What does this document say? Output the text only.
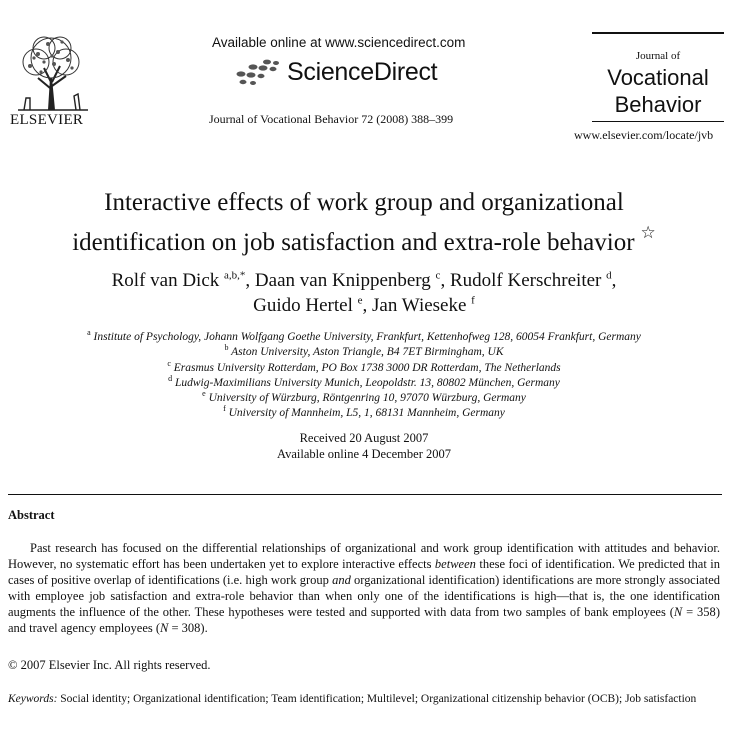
ELSEVIER
Available online at www.sciencedirect.com
ScienceDirect
Journal of Vocational Behavior 72 (2008) 388–399
Journal of
Vocational
Behavior
www.elsevier.com/locate/jvb
Interactive effects of work group and organizational
identification on job satisfaction and extra-role behavior ☆
Rolf van Dick $^{a,b,*}$, Daan van Knippenberg $^c$, Rudolf Kerschreiter $^d$,
Guido Hertel $^e$, Jan Wieseke $^f$
$^a$ Institute of Psychology, Johann Wolfgang Goethe University, Frankfurt, Kettenhofweg 128, 60054 Frankfurt, Germany
$^b$ Aston University, Aston Triangle, B4 7ET Birmingham, UK
$^c$ Erasmus University Rotterdam, PO Box 1738 3000 DR Rotterdam, The Netherlands
$^d$ Ludwig-Maximilians University Munich, Leopoldstr. 13, 80802 München, Germany
$^e$ University of Würzburg, Röntgenring 10, 97070 Würzburg, Germany
$^f$ University of Mannheim, L5, 1, 68131 Mannheim, Germany
Received 20 August 2007
Available online 4 December 2007
Abstract

Past research has focused on the differential relationships of organizational and work group identification with attitudes and behavior. However, no systematic effort has been undertaken yet to explore interactive effects between these foci of identification. We predicted that in cases of positive overlap of identifications (i.e. high work group and organizational identification) identifications are more strongly associated with employee job satisfaction and extra-role behavior than when only one of the identifications is high—that is, the one identification augments the influence of the other. These hypotheses were tested and supported with data from two samples of bank employees (N = 358) and travel agency employees (N = 308).

© 2007 Elsevier Inc. All rights reserved.
Keywords: Social identity; Organizational identification; Team identification; Multilevel; Organizational citizenship behavior (OCB); Job satisfaction
